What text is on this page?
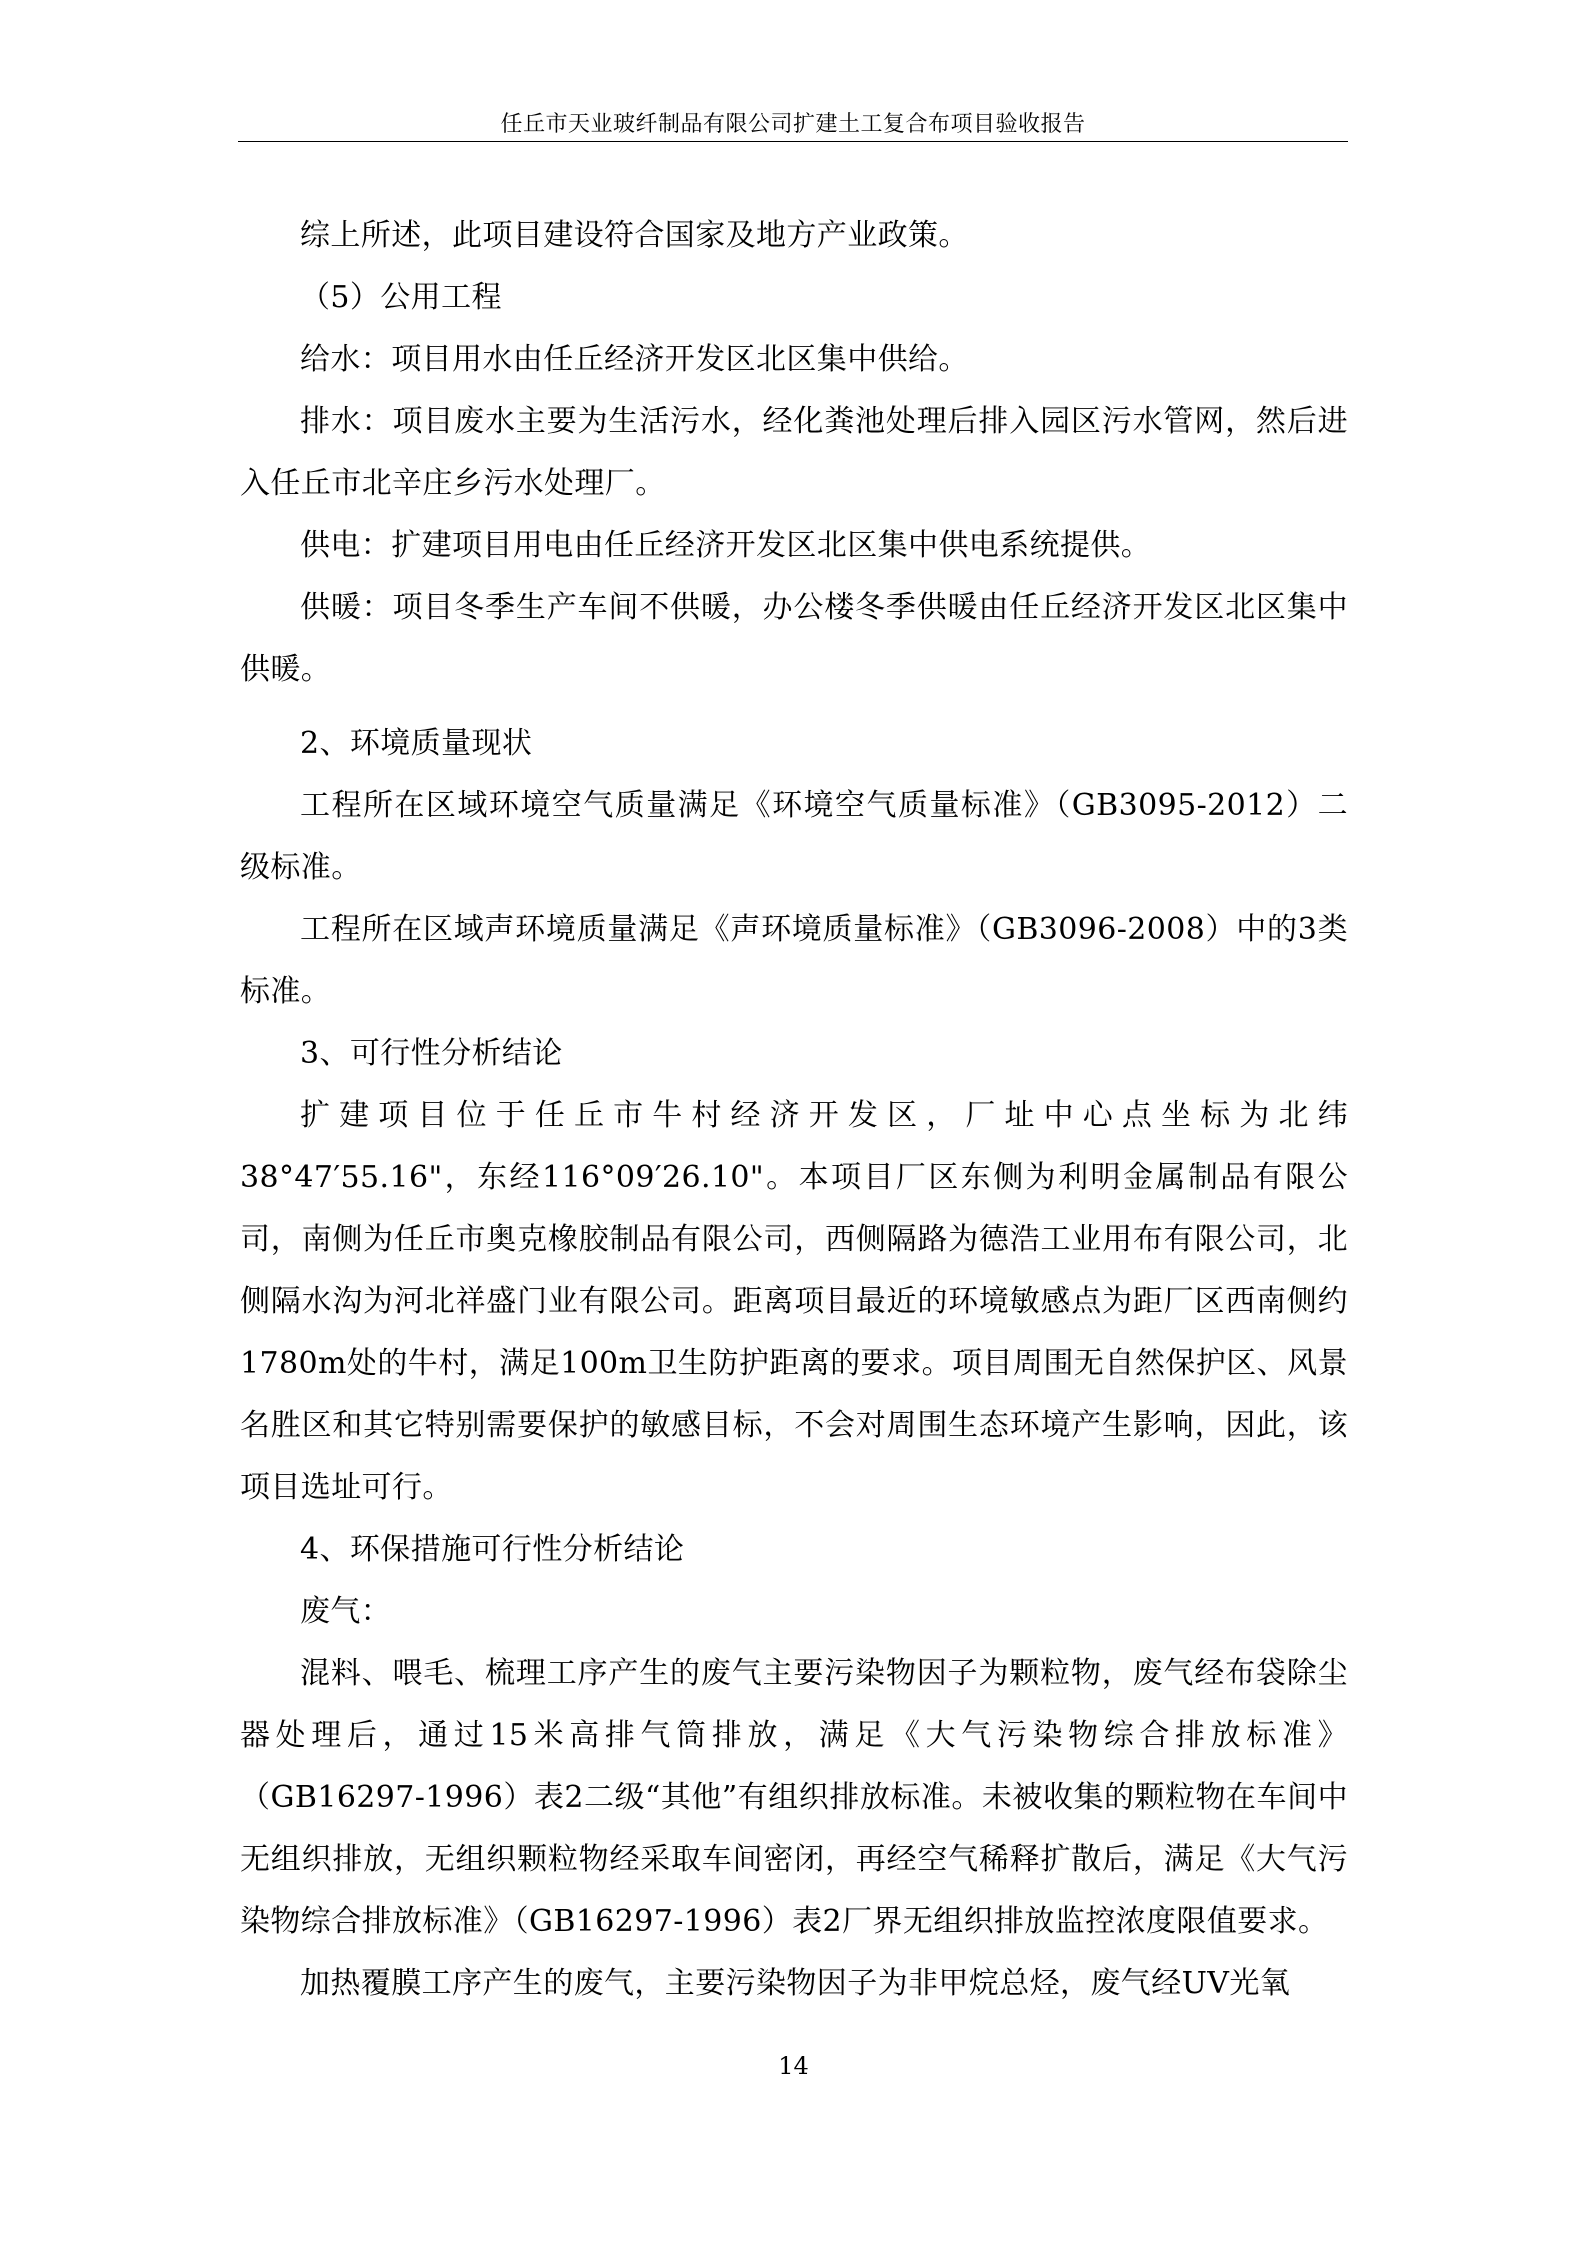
任丘市天业玻纤制品有限公司扩建土工复合布项目验收报告

综上所述，此项目建设符合国家及地方产业政策。

（5）公用工程

给水：项目用水由任丘经济开发区北区集中供给。

排水：项目废水主要为生活污水，经化粪池处理后排入园区污水管网，然后进入任丘市北辛庄乡污水处理厂。

供电：扩建项目用电由任丘经济开发区北区集中供电系统提供。

供暖：项目冬季生产车间不供暖，办公楼冬季供暖由任丘经济开发区北区集中供暖。

2、环境质量现状

工程所在区域环境空气质量满足《环境空气质量标准》（GB3095-2012）二级标准。

工程所在区域声环境质量满足《声环境质量标准》（GB3096-2008）中的3类标准。

3、可行性分析结论

扩建项目位于任丘市牛村经济开发区，厂址中心点坐标为北纬38°47′55.16"，东经116°09′26.10"。本项目厂区东侧为利明金属制品有限公司，南侧为任丘市奥克橡胶制品有限公司，西侧隔路为德浩工业用布有限公司，北侧隔水沟为河北祥盛门业有限公司。距离项目最近的环境敏感点为距厂区西南侧约1780m处的牛村，满足100m卫生防护距离的要求。项目周围无自然保护区、风景名胜区和其它特别需要保护的敏感目标，不会对周围生态环境产生影响，因此，该项目选址可行。

4、环保措施可行性分析结论

废气：

混料、喂毛、梳理工序产生的废气主要污染物因子为颗粒物，废气经布袋除尘器处理后，通过15米高排气筒排放，满足《大气污染物综合排放标准》（GB16297-1996）表2二级“其他”有组织排放标准。未被收集的颗粒物在车间中无组织排放，无组织颗粒物经采取车间密闭，再经空气稀释扩散后，满足《大气污染物综合排放标准》（GB16297-1996）表2厂界无组织排放监控浓度限值要求。

加热覆膜工序产生的废气，主要污染物因子为非甲烷总烃，废气经UV光氧

14
